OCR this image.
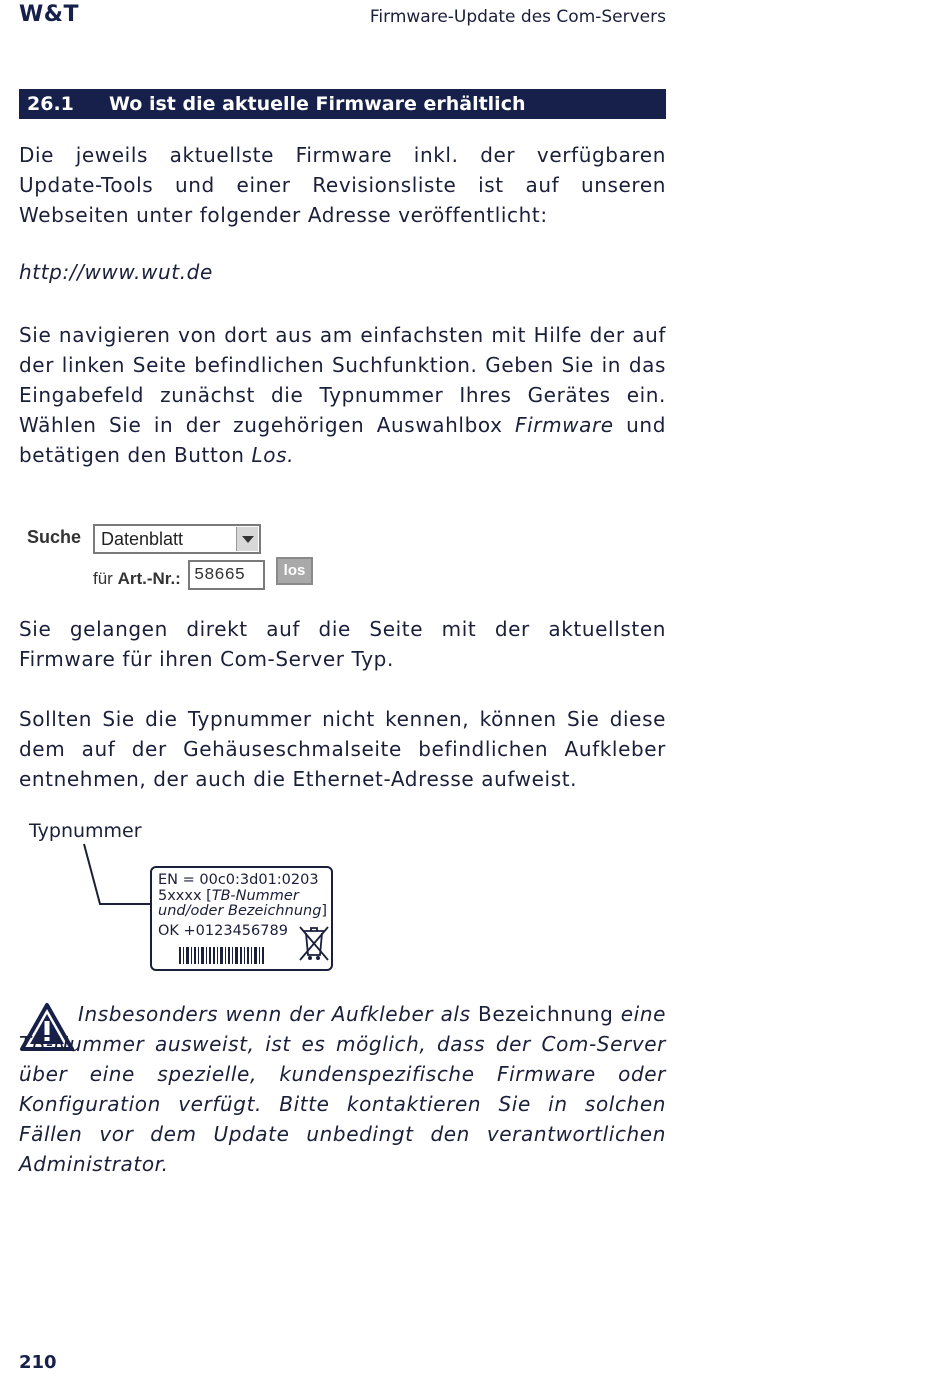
W&T	Firmware-Update des Com-Servers
26.1 Wo ist die aktuelle Firmware erhältlich
Die jeweils aktuellste Firmware inkl. der verfügbaren Update-Tools und einer Revisionsliste ist auf unseren Webseiten unter folgender Adresse veröffentlicht:
http://www.wut.de
Sie navigieren von dort aus am einfachsten mit Hilfe der auf der linken Seite befindlichen Suchfunktion. Geben Sie in das Eingabefeld zunächst die Typnummer Ihres Gerätes ein. Wählen Sie in der zugehörigen Auswahlbox Firmware und betätigen den Button Los.
Suche Datenblatt
für Art.-Nr.: 58665	los
Sie gelangen direkt auf die Seite mit der aktuellsten Firmware für ihren Com-Server Typ.
Sollten Sie die Typnummer nicht kennen, können Sie diese dem auf der Gehäuseschmalseite befindlichen Aufkleber entnehmen, der auch die Ethernet-Adresse aufweist.
Typnummer
EN = 00c0:3d01:0203
5xxxx [TB-Nummer
und/oder Bezeichnung]
OK +0123456789
Insbesonders wenn der Aufkleber als Bezeichnung eine TB-Nummer ausweist, ist es möglich, dass der Com-Server über eine spezielle, kundenspezifische Firmware oder Konfiguration verfügt. Bitte kontaktieren Sie in solchen Fällen vor dem Update unbedingt den verantwortlichen Administrator.
210
